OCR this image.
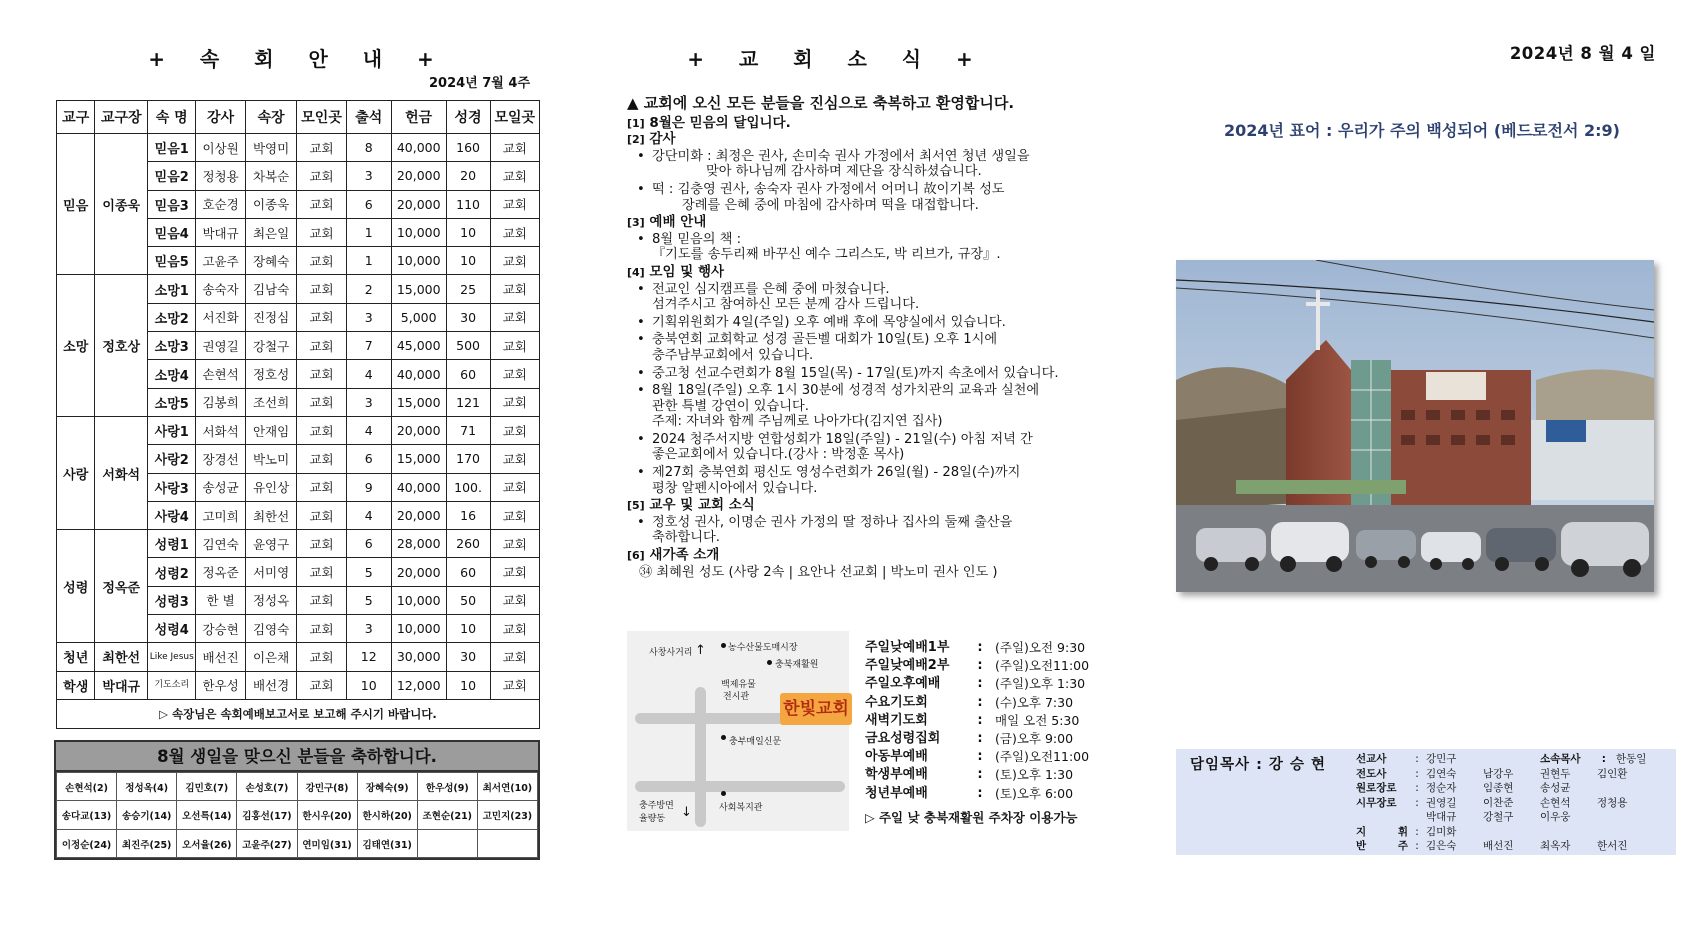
+ 속 회 안 내 +
2024년 7월 4주
교구	교구장	속 명	강사	속장	모인곳	출석	헌금	성경	모일곳
믿음	이종욱	믿음1	이상원	박영미	교회	8	40,000	160	교회
		믿음2	정청용	차복순	교회	3	20,000	20	교회
		믿음3	호순경	이종욱	교회	6	20,000	110	교회
		믿음4	박대규	최은일	교회	1	10,000	10	교회
		믿음5	고윤주	장혜숙	교회	1	10,000	10	교회
소망	정호상	소망1	송숙자	김남숙	교회	2	15,000	25	교회
		소망2	서진화	진정심	교회	3	5,000	30	교회
		소망3	권영길	강철구	교회	7	45,000	500	교회
		소망4	손현석	정호성	교회	4	40,000	60	교회
		소망5	김봉희	조선희	교회	3	15,000	121	교회
사랑	서화석	사랑1	서화석	안재임	교회	4	20,000	71	교회
		사랑2	장경선	박노미	교회	6	15,000	170	교회
		사랑3	송성균	유인상	교회	9	40,000	100.	교회
		사랑4	고미희	최한선	교회	4	20,000	16	교회
성령	정옥준	성령1	김연숙	윤영구	교회	6	28,000	260	교회
		성령2	정옥준	서미영	교회	5	20,000	60	교회
		성령3	한 별	정성옥	교회	5	10,000	50	교회
		성령4	강승현	김영숙	교회	3	10,000	10	교회
청년	최한선	Like Jesus	배선진	이은채	교회	12	30,000	30	교회
학생	박대규	기도소리	한우성	배선경	교회	10	12,000	10	교회
▷ 속장님은 속회예배보고서로 보고해 주시기 바랍니다.									
8월 생일을 맞으신 분들을 축하합니다.
손현석(2)	정성옥(4)	김민호(7)	손성호(7)	강민구(8)	장혜숙(9)	한우성(9)	최서연(10)
송다교(13)	송승기(14)	오선특(14)	김홍선(17)	한시우(20)	한시하(20)	조현순(21)	고민지(23)
이정순(24)	최진주(25)	오서율(26)	고윤주(27)	연미임(31)	김태연(31)		
+ 교 회 소 식 +
▲ 교회에 오신 모든 분들을 진심으로 축복하고 환영합니다.
[1] 8월은 믿음의 달입니다.
[2] 감사
• 강단미화 : 최정은 권사, 손미숙 권사 가정에서 최서연 청년 생일을
맞아 하나님께 감사하며 제단을 장식하셨습니다.
• 떡 : 김충영 권사, 송숙자 권사 가정에서 어머니 故이기복 성도
장례를 은혜 중에 마침에 감사하며 떡을 대접합니다.
[3] 예배 안내
• 8월 믿음의 책 :
『기도를 송두리째 바꾸신 예수 그리스도, 박 리브가, 규장』.
[4] 모임 및 행사
• 전교인 심지캠프를 은혜 중에 마쳤습니다.
섬겨주시고 참여하신 모든 분께 감사 드립니다.
• 기획위원회가 4일(주일) 오후 예배 후에 목양실에서 있습니다.
• 충북연회 교회학교 성경 골든벨 대회가 10일(토) 오후 1시에
충주남부교회에서 있습니다.
• 중고청 선교수련회가 8월 15일(목) - 17일(토)까지 속초에서 있습니다.
• 8월 18일(주일) 오후 1시 30분에 성경적 성가치관의 교육과 실천에
관한 특별 강연이 있습니다.
주제: 자녀와 함께 주님께로 나아가다(김지연 집사)
• 2024 청주서지방 연합성회가 18일(주일) - 21일(수) 아침 저녁 간
좋은교회에서 있습니다.(강사 : 박정훈 목사)
• 제27회 충북연회 평신도 영성수련회가 26일(월) - 28일(수)까지
평창 알펜시아에서 있습니다.
[5] 교우 및 교회 소식
• 정호성 권사, 이명순 권사 가정의 딸 정하나 집사의 둘째 출산을
축하합니다.
[6] 새가족 소개
㉞ 최혜원 성도 (사랑 2속 | 요안나 선교회 | 박노미 권사 인도 )
사창사거리 ↑ 농수산물도매시장
충북재활원
백제유물
전시관
한빛교회
충부매일신문
사회복지관
충주방면
율량동 ↓
주일낮예배1부	: (주일)오전 9:30
주일낮예배2부	: (주일)오전11:00
주일오후예배	: (주일)오후 1:30
수요기도회	: (수)오후 7:30
새벽기도회	: 매일 오전 5:30
금요성령집회	: (금)오후 9:00
아동부예배	: (주일)오전11:00
학생부예배	: (토)오후 1:30
청년부예배	: (토)오후 6:00
▷ 주일 낮 충북재활원 주차장 이용가능
2024년 8 월 4 일
2024년 표어 : 우리가 주의 백성되어 (베드로전서 2:9)
담임목사 : 강 승 현	선교사	: 강민구	소속목사 : 한동일
전도사	: 김연숙	남강우	권현두	김인환
원로장로	: 정순자	임종현	송성균
시무장로	: 권영길	이찬준	손현석	정청용
박대규	강철구	이우웅
지 휘 : 김미화
반 주 : 김은숙	배선진	최옥자	한서진
